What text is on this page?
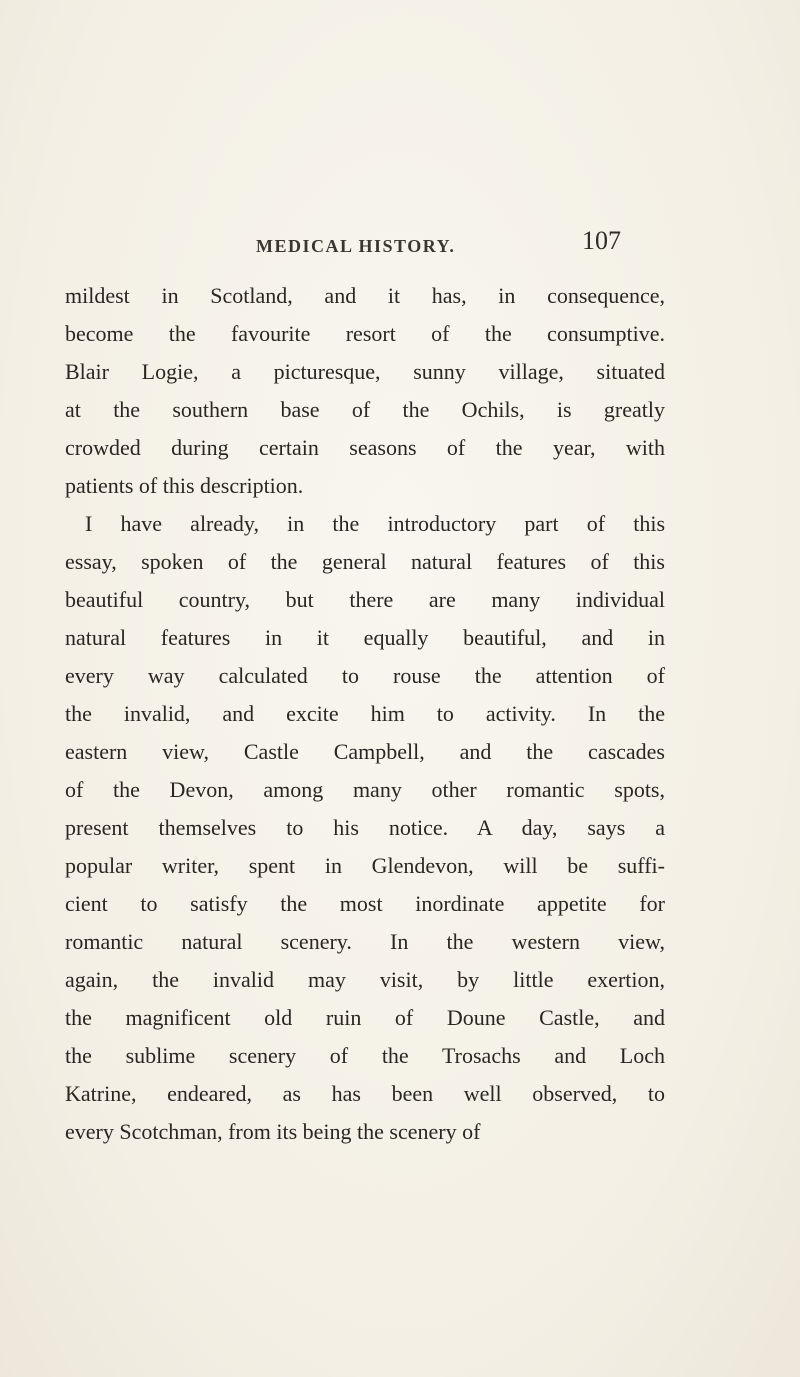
MEDICAL HISTORY.	107
mildest in Scotland, and it has, in consequence,
become the favourite resort of the consumptive.
Blair Logie, a picturesque, sunny village, situated
at the southern base of the Ochils, is greatly
crowded during certain seasons of the year, with
patients of this description.
I have already, in the introductory part of this
essay, spoken of the general natural features of this
beautiful country, but there are many individual
natural features in it equally beautiful, and in
every way calculated to rouse the attention of
the invalid, and excite him to activity. In the
eastern view, Castle Campbell, and the cascades
of the Devon, among many other romantic spots,
present themselves to his notice. A day, says a
popular writer, spent in Glendevon, will be suffi-
cient to satisfy the most inordinate appetite for
romantic natural scenery. In the western view,
again, the invalid may visit, by little exertion,
the magnificent old ruin of Doune Castle, and
the sublime scenery of the Trosachs and Loch
Katrine, endeared, as has been well observed, to
every Scotchman, from its being the scenery of
